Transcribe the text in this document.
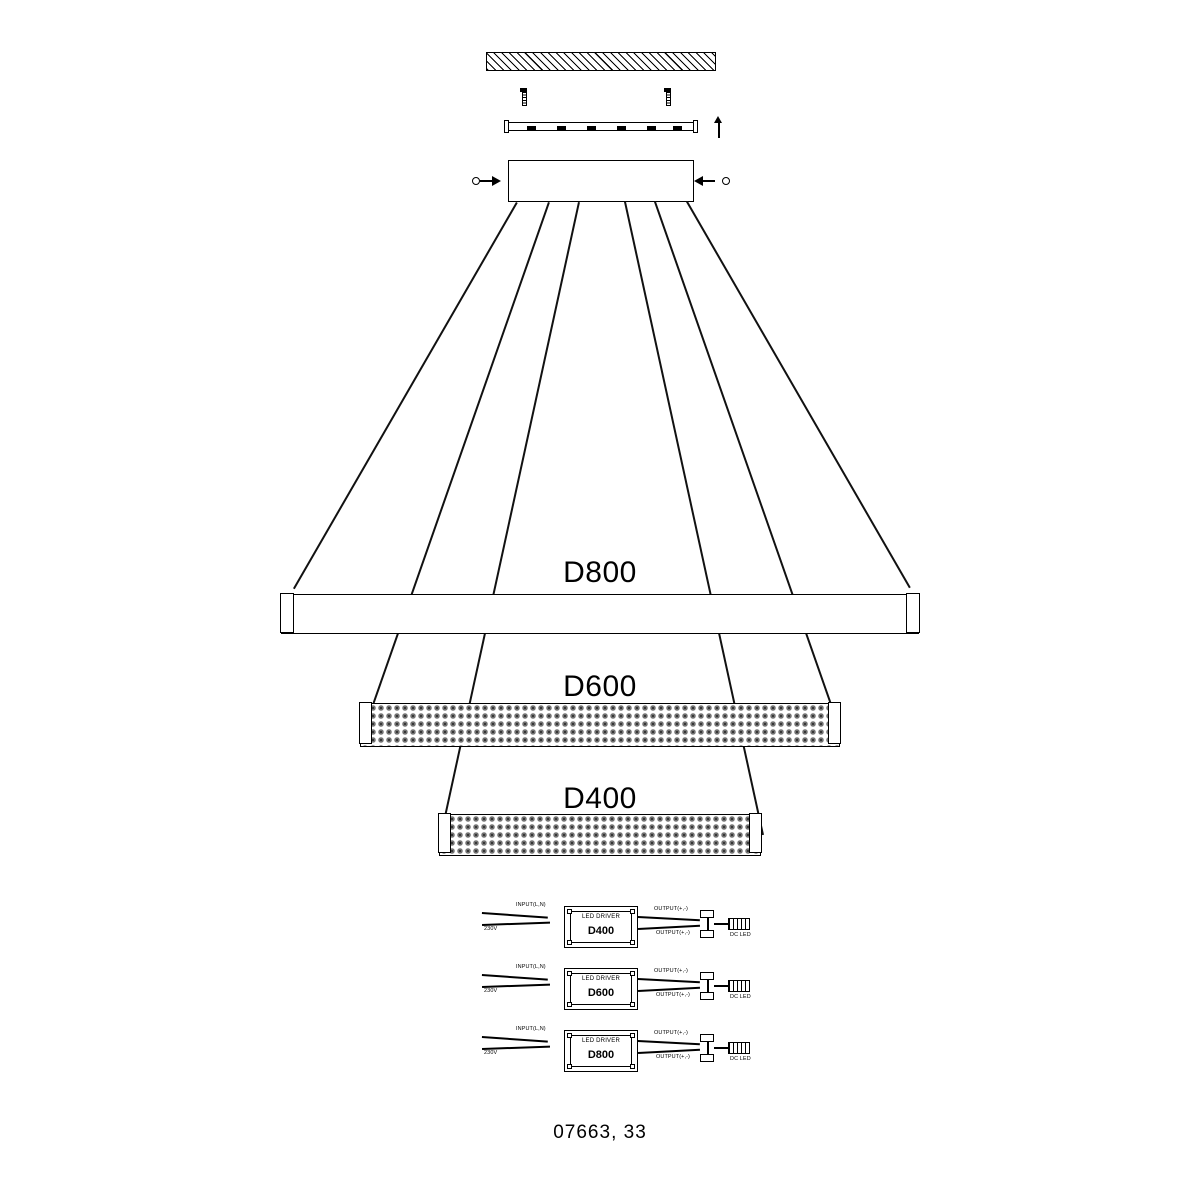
D800
D600
D400
INPUT(L,N)
230V
LED DRIVER
D400
OUTPUT(+,-)
OUTPUT(+,-)	DC LED
INPUT(L,N)
230V
LED DRIVER
D600
OUTPUT(+,-)
OUTPUT(+,-)	DC LED
INPUT(L,N)
230V
LED DRIVER
D800
OUTPUT(+,-)
OUTPUT(+,-)	DC LED
07663, 33
